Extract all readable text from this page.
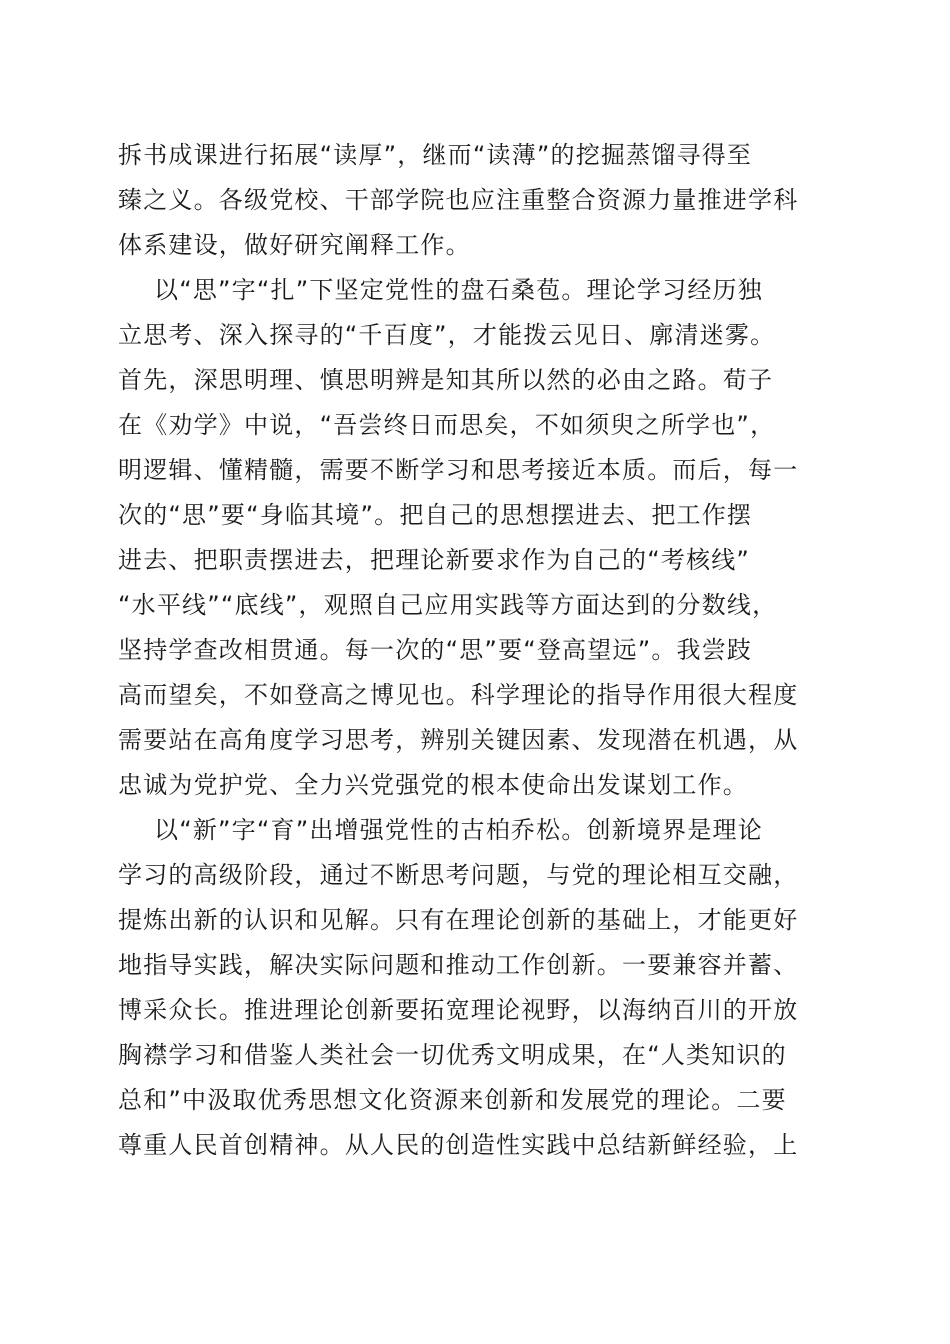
拆书成课进行拓展“读厚”，继而“读薄”的挖掘蒸馏寻得至
臻之义。各级党校、干部学院也应注重整合资源力量推进学科
体系建设，做好研究阐释工作。
以“思”字“扎”下坚定党性的盘石桑苞。理论学习经历独
立思考、深入探寻的“千百度”，才能拨云见日、廓清迷雾。
首先，深思明理、慎思明辨是知其所以然的必由之路。荀子
在《劝学》中说，“吾尝终日而思矣，不如须臾之所学也”，
明逻辑、懂精髓，需要不断学习和思考接近本质。而后，每一
次的“思”要“身临其境”。把自己的思想摆进去、把工作摆
进去、把职责摆进去，把理论新要求作为自己的“考核线”
“水平线”“底线”，观照自己应用实践等方面达到的分数线，
坚持学查改相贯通。每一次的“思”要“登高望远”。我尝跂
高而望矣，不如登高之博见也。科学理论的指导作用很大程度
需要站在高角度学习思考，辨别关键因素、发现潜在机遇，从
忠诚为党护党、全力兴党强党的根本使命出发谋划工作。
以“新”字“育”出增强党性的古柏乔松。创新境界是理论
学习的高级阶段，通过不断思考问题，与党的理论相互交融，
提炼出新的认识和见解。只有在理论创新的基础上，才能更好
地指导实践，解决实际问题和推动工作创新。一要兼容并蓄、
博采众长。推进理论创新要拓宽理论视野，以海纳百川的开放
胸襟学习和借鉴人类社会一切优秀文明成果，在“人类知识的
总和”中汲取优秀思想文化资源来创新和发展党的理论。二要
尊重人民首创精神。从人民的创造性实践中总结新鲜经验，上
